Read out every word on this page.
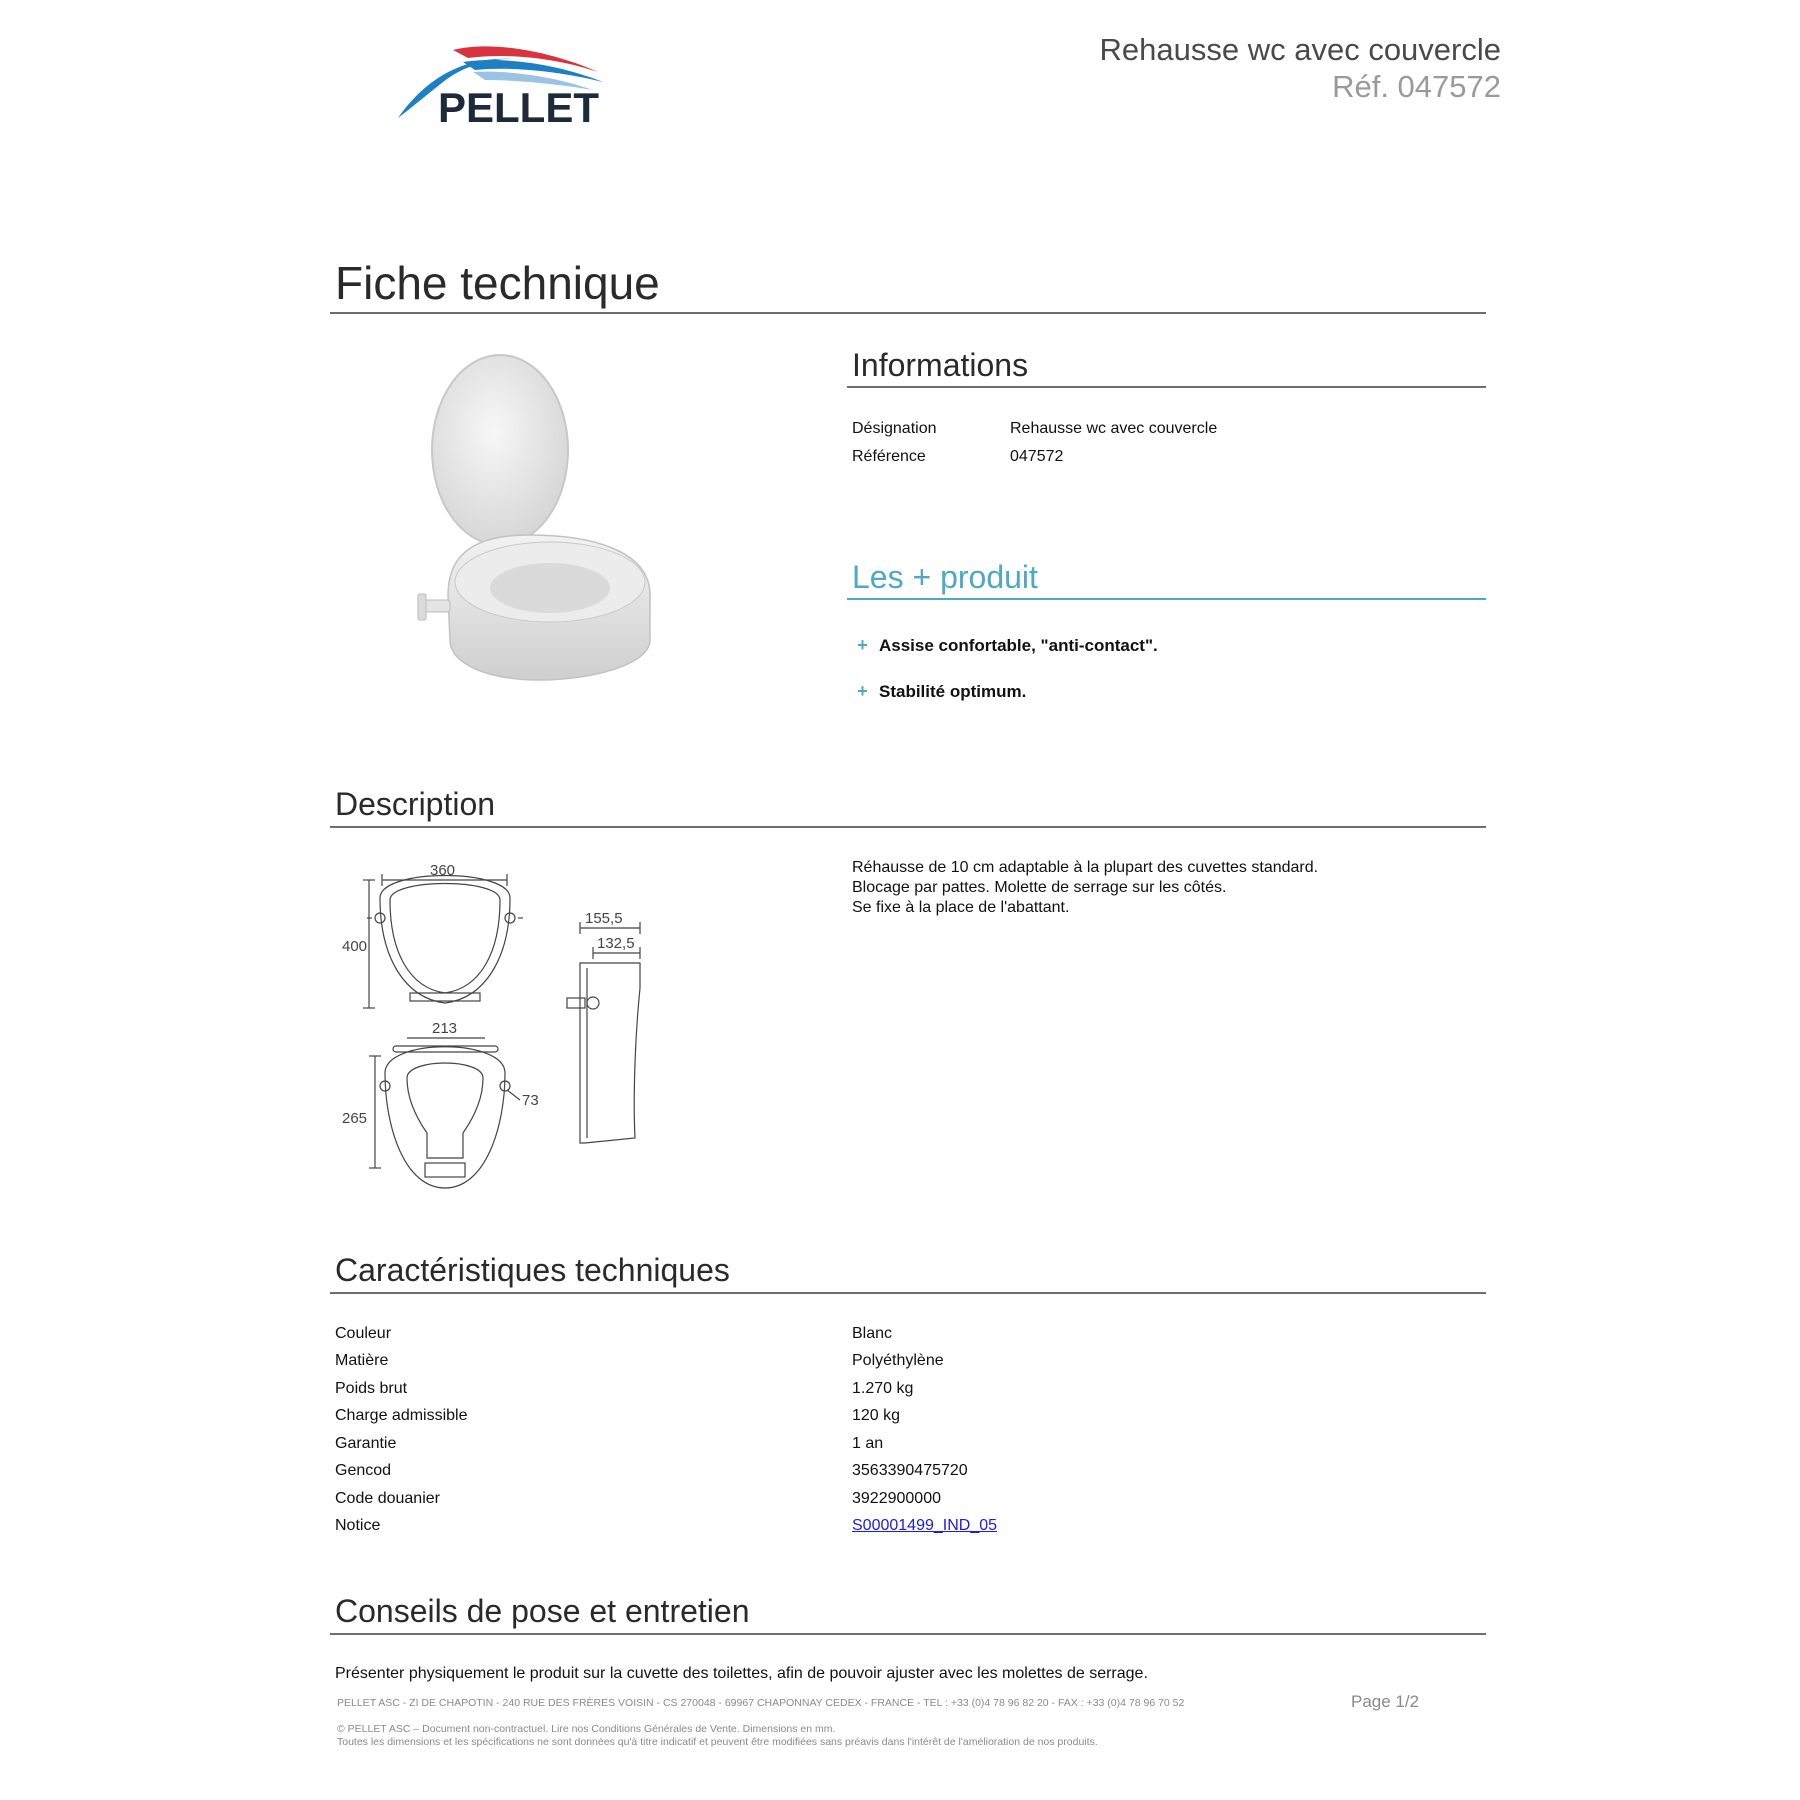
PELLET
Rehausse wc avec couvercle
Réf. 047572
Fiche technique
Informations
Désignation	Rehausse wc avec couvercle
Référence	047572
Les + produit
+ Assise confortable, "anti-contact".
+ Stabilité optimum.
Description
360
400
213
265
73
155,5
132,5
Réhausse de 10 cm adaptable à la plupart des cuvettes standard.
Blocage par pattes. Molette de serrage sur les côtés.
Se fixe à la place de l'abattant.
Caractéristiques techniques
Couleur	Blanc
Matière	Polyéthylène
Poids brut	1.270 kg
Charge admissible	120 kg
Garantie	1 an
Gencod	3563390475720
Code douanier	3922900000
Notice	S00001499_IND_05
Conseils de pose et entretien
Présenter physiquement le produit sur la cuvette des toilettes, afin de pouvoir ajuster avec les molettes de serrage.
PELLET ASC - ZI DE CHAPOTIN - 240 RUE DES FRÈRES VOISIN - CS 270048 - 69967 CHAPONNAY CEDEX - FRANCE - TEL : +33 (0)4 78 96 82 20 - FAX : +33 (0)4 78 96 70 52	Page 1/2
© PELLET ASC – Document non-contractuel. Lire nos Conditions Générales de Vente. Dimensions en mm.
Toutes les dimensions et les spécifications ne sont données qu'à titre indicatif et peuvent être modifiées sans préavis dans l'intérêt de l'amélioration de nos produits.
